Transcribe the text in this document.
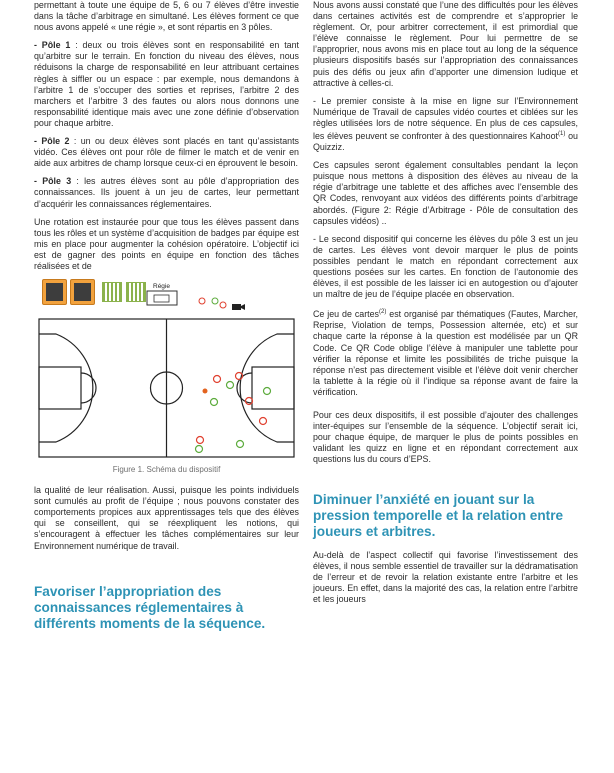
permettant à toute une équipe de 5, 6 ou 7 élèves d’être investie dans la tâche d’arbitrage en simultané. Les élèves forment ce que nous avons appelé « une régie », et sont répartis en 3 pôles.

- Pôle 1 : deux ou trois élèves sont en responsabilité en tant qu’arbitre sur le terrain. En fonction du niveau des élèves, nous réduisons la charge de responsabilité en leur attribuant certaines règles à siffler ou un espace : par exemple, nous demandons à l’arbitre 1 de s’occuper des sorties et reprises, l’arbitre 2 des marchers et l’arbitre 3 des fautes ou alors nous donnons une responsabilité identique mais avec une zone définie d’observation pour chaque arbitre.

- Pôle 2 : un ou deux élèves sont placés en tant qu’assistants vidéo. Ces élèves ont pour rôle de filmer le match et de venir en aide aux arbitres de champ lorsque ceux-ci en éprouvent le besoin.

- Pôle 3 : les autres élèves sont au pôle d’appropriation des connaissances. Ils jouent à un jeu de cartes, leur permettant d’acquérir les connaissances réglementaires.

Une rotation est instaurée pour que tous les élèves passent dans tous les rôles et un système d’acquisition de badges par équipe est mis en place pour augmenter la cohésion opératoire. L’objectif ici est de gagner des points en équipe en fonction des tâches réalisées et de

Régie
Figure 1. Schéma du dispositif

la qualité de leur réalisation. Aussi, puisque les points individuels sont cumulés au profit de l’équipe ; nous pouvons constater des comportements propices aux apprentissages tels que des élèves qui se conseillent, qui se réexpliquent les notions, qui s’encouragent à effectuer les tâches complémentaires sur leur Environnement numérique de travail.

Favoriser l’appropriation des connaissances réglementaires à différents moments de la séquence.

Nous avons aussi constaté que l’une des difficultés pour les élèves dans certaines activités est de comprendre et s’approprier le règlement. Or, pour arbitrer correctement, il est primordial que l’élève connaisse le règlement. Pour lui permettre de se l’approprier, nous avons mis en place tout au long de la séquence plusieurs dispositifs basés sur l’appropriation des connaissances puis des défis ou jeux afin d’apporter une dimension ludique et attractive à celles-ci.

- Le premier consiste à la mise en ligne sur l’Environnement Numérique de Travail de capsules vidéo courtes et ciblées sur les règles utilisées lors de notre séquence. En plus de ces capsules, les élèves peuvent se confronter à des questionnaires Kahoot$^{(1)}$ ou Quizziz.

Ces capsules seront également consultables pendant la leçon puisque nous mettons à disposition des élèves au niveau de la régie d’arbitrage une tablette et des affiches avec l’ensemble des QR Codes, renvoyant aux vidéos des différents points d’arbitrage abordés. (Figure 2: Régie d’Arbitrage - Pôle de consultation des capsules vidéos) ..

- Le second dispositif qui concerne les élèves du pôle 3 est un jeu de cartes. Les élèves vont devoir marquer le plus de points possibles pendant le match en répondant correctement aux questions posées sur les cartes. En fonction de l’autonomie des élèves, il est possible de les laisser ici en autogestion ou d’ajouter un maître de jeu de l’équipe placée en observation.

Ce jeu de cartes$^{(2)}$ est organisé par thématiques (Fautes, Marcher, Reprise, Violation de temps, Possession alternée, etc) et sur chaque carte la réponse à la question est modélisée par un QR Code. Ce QR Code oblige l’élève à manipuler une tablette pour vérifier la réponse et limite les possibilités de triche puisque la réponse n’est pas directement visible et l’élève doit venir chercher la tablette à la régie où il l’indique sa réponse avant de faire la vérification.

Pour ces deux dispositifs, il est possible d’ajouter des challenges inter-équipes sur l’ensemble de la séquence. L’objectif serait ici, pour chaque équipe, de marquer le plus de points possibles en validant les quizz en ligne et en répondant correctement aux questions lus du cours d’EPS.

Diminuer l’anxiété en jouant sur la pression temporelle et la relation entre joueurs et arbitres.

Au-delà de l’aspect collectif qui favorise l’investissement des élèves, il nous semble essentiel de travailler sur la dédramatisation de l’erreur et de revoir la relation existante entre l’arbitre et les joueurs. En effet, dans la majorité des cas, la relation entre l’arbitre et les joueurs
